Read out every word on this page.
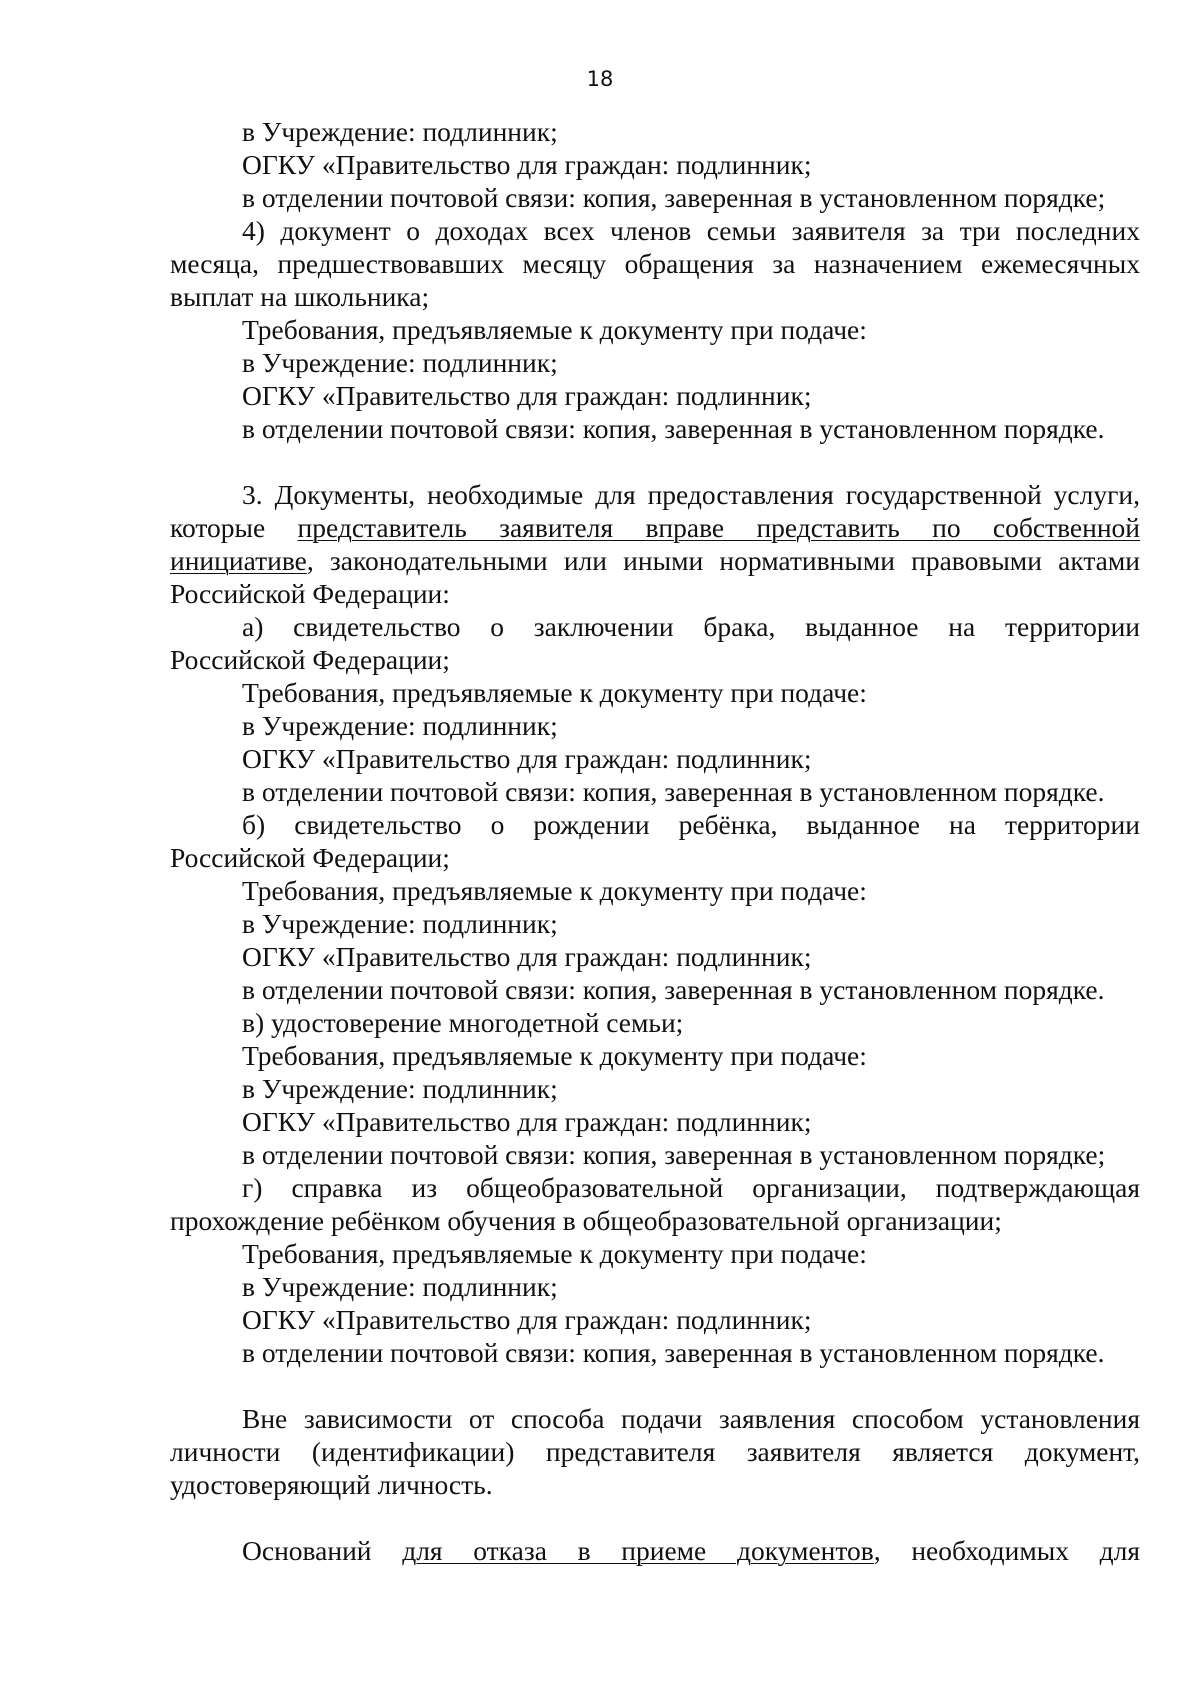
18
в Учреждение: подлинник;
ОГКУ «Правительство для граждан: подлинник;
в отделении почтовой связи: копия, заверенная в установленном порядке;
4) документ о доходах всех членов семьи заявителя за три последних
месяца, предшествовавших месяцу обращения за назначением ежемесячных
выплат на школьника;
Требования, предъявляемые к документу при подаче:
в Учреждение: подлинник;
ОГКУ «Правительство для граждан: подлинник;
в отделении почтовой связи: копия, заверенная в установленном порядке.
3. Документы, необходимые для предоставления государственной услуги,
которые представитель заявителя вправе представить по собственной
инициативе, законодательными или иными нормативными правовыми актами
Российской Федерации:
а) свидетельство о заключении брака, выданное на территории
Российской Федерации;
Требования, предъявляемые к документу при подаче:
в Учреждение: подлинник;
ОГКУ «Правительство для граждан: подлинник;
в отделении почтовой связи: копия, заверенная в установленном порядке.
б) свидетельство о рождении ребёнка, выданное на территории
Российской Федерации;
Требования, предъявляемые к документу при подаче:
в Учреждение: подлинник;
ОГКУ «Правительство для граждан: подлинник;
в отделении почтовой связи: копия, заверенная в установленном порядке.
в) удостоверение многодетной семьи;
Требования, предъявляемые к документу при подаче:
в Учреждение: подлинник;
ОГКУ «Правительство для граждан: подлинник;
в отделении почтовой связи: копия, заверенная в установленном порядке;
г) справка из общеобразовательной организации, подтверждающая
прохождение ребёнком обучения в общеобразовательной организации;
Требования, предъявляемые к документу при подаче:
в Учреждение: подлинник;
ОГКУ «Правительство для граждан: подлинник;
в отделении почтовой связи: копия, заверенная в установленном порядке.
Вне зависимости от способа подачи заявления способом установления
личности (идентификации) представителя заявителя является документ,
удостоверяющий личность.
Оснований для отказа в приеме документов, необходимых для
